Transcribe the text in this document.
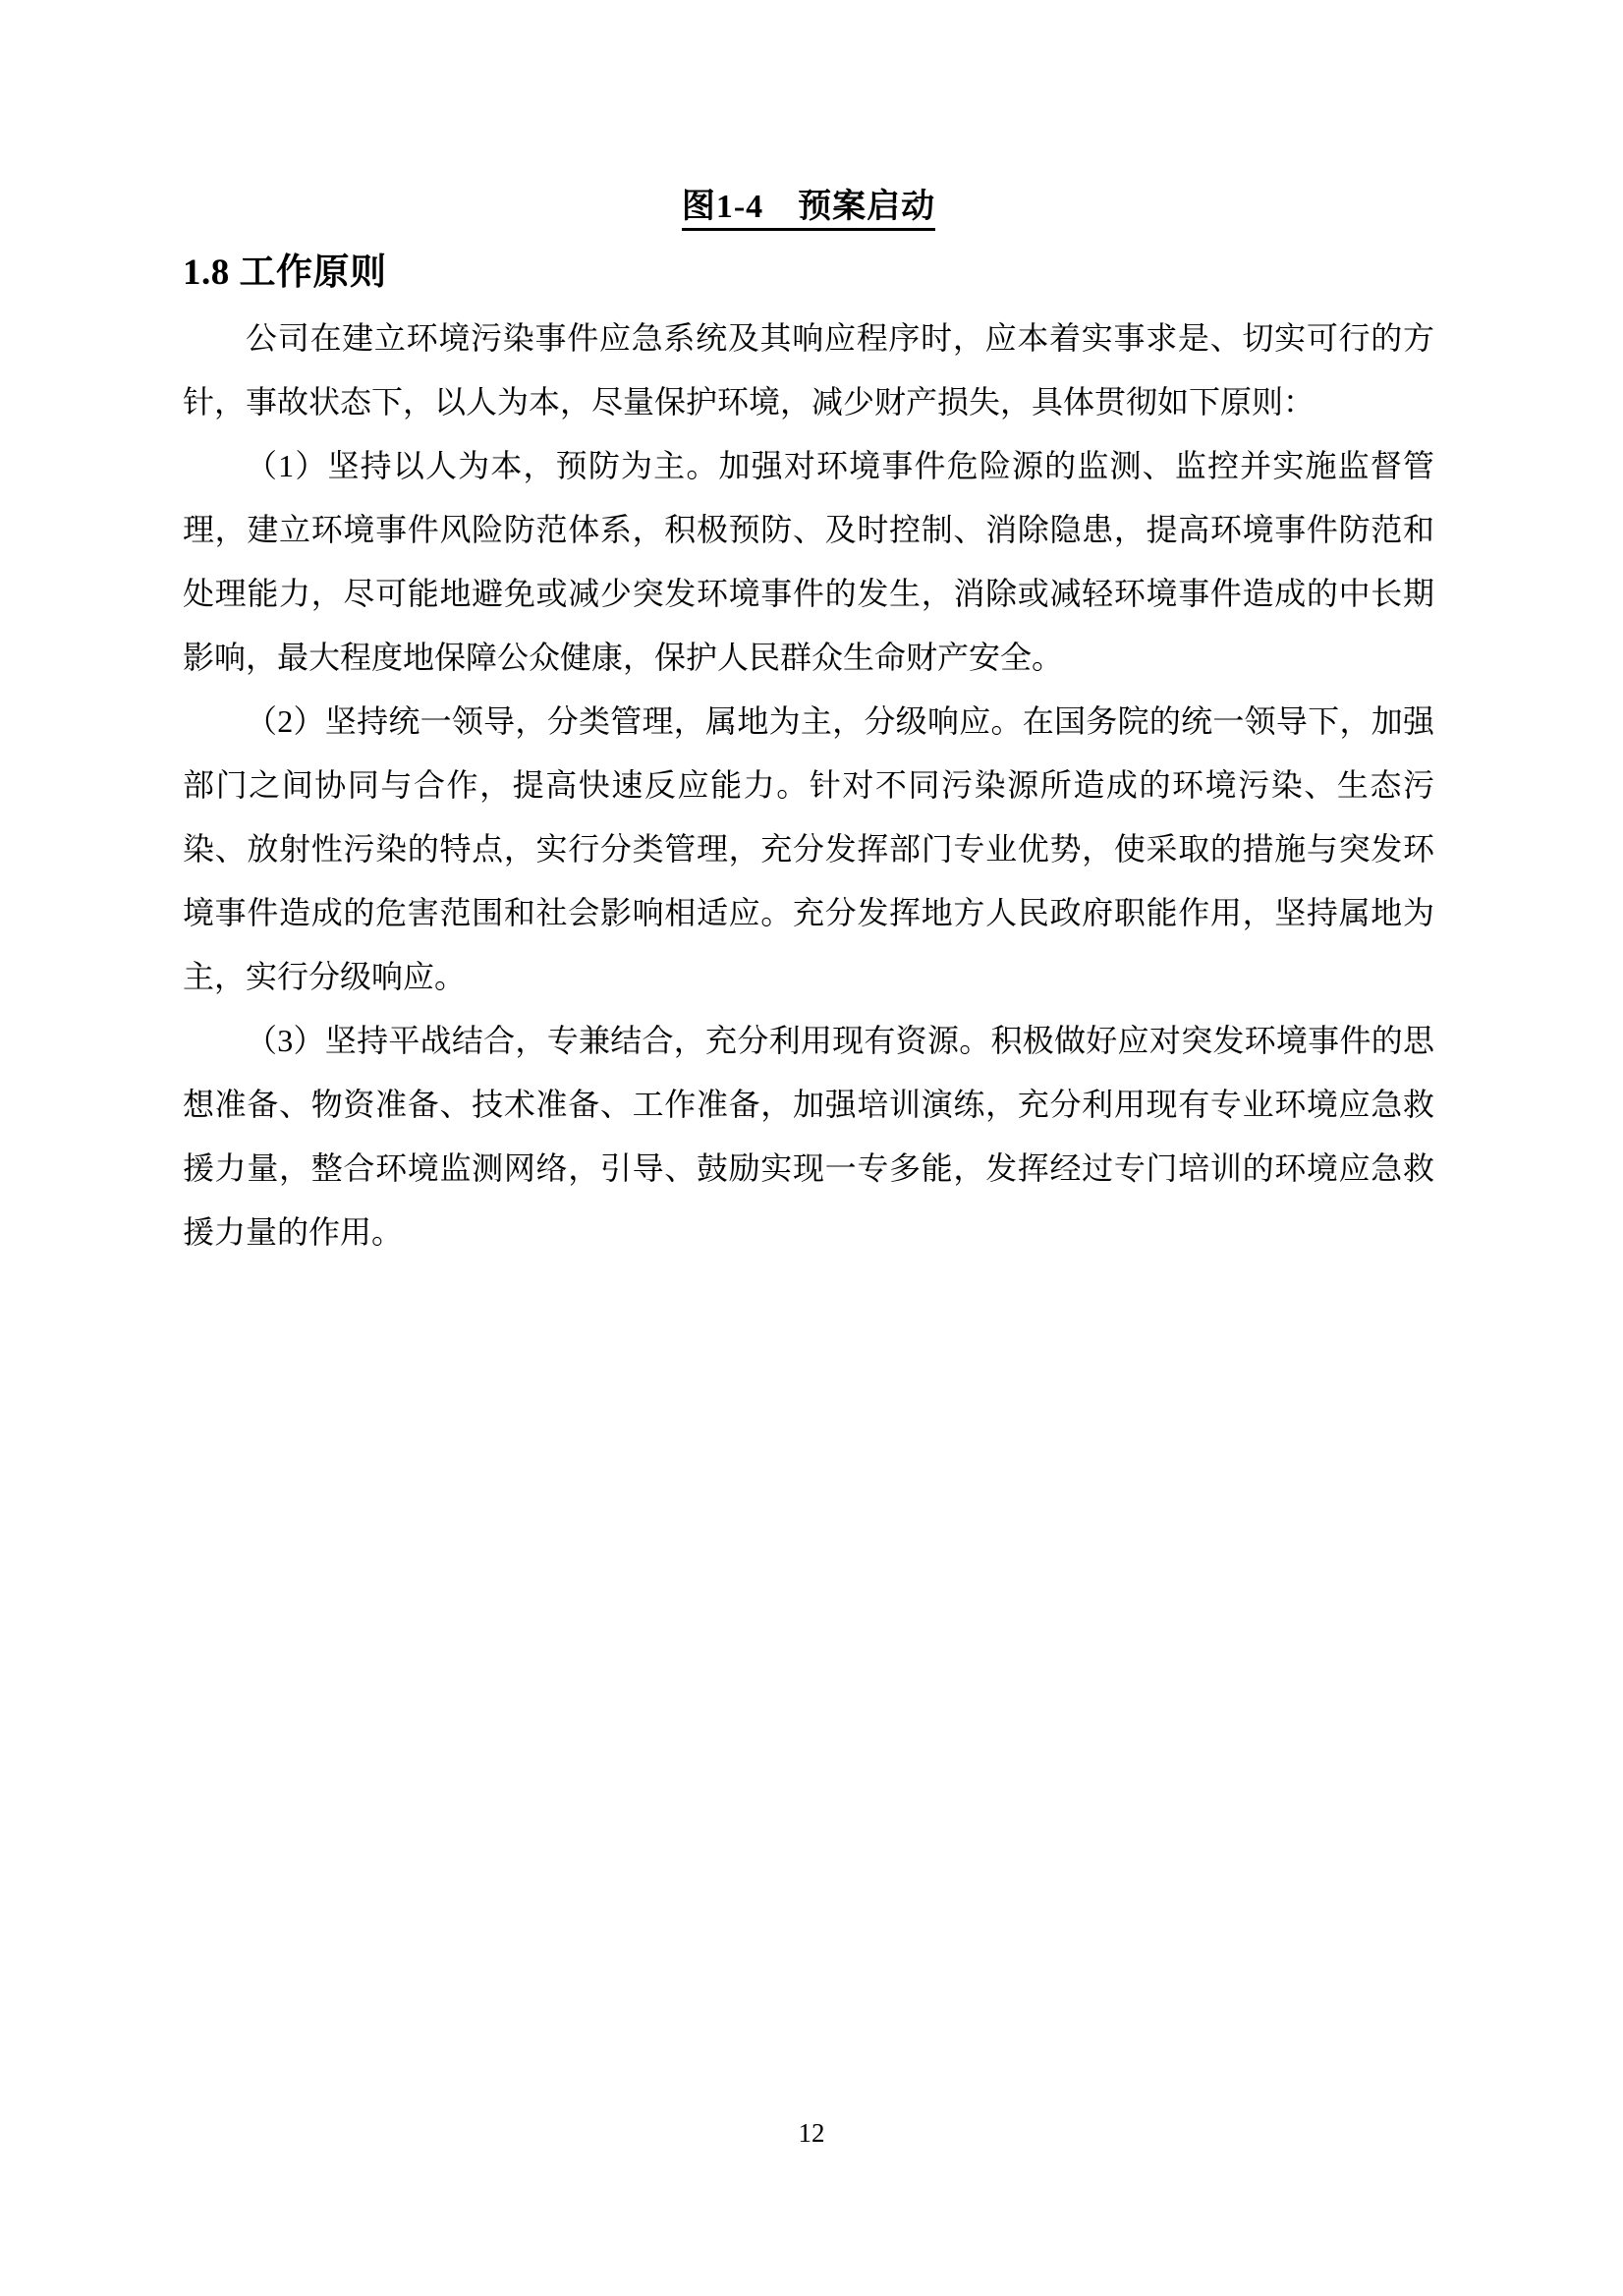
图1-4　预案启动
1.8 工作原则

公司在建立环境污染事件应急系统及其响应程序时，应本着实事求是、切实可行的方针，事故状态下，以人为本，尽量保护环境，减少财产损失，具体贯彻如下原则：

（1）坚持以人为本，预防为主。加强对环境事件危险源的监测、监控并实施监督管理，建立环境事件风险防范体系，积极预防、及时控制、消除隐患，提高环境事件防范和处理能力，尽可能地避免或减少突发环境事件的发生，消除或减轻环境事件造成的中长期影响，最大程度地保障公众健康，保护人民群众生命财产安全。

（2）坚持统一领导，分类管理，属地为主，分级响应。在国务院的统一领导下，加强部门之间协同与合作，提高快速反应能力。针对不同污染源所造成的环境污染、生态污染、放射性污染的特点，实行分类管理，充分发挥部门专业优势，使采取的措施与突发环境事件造成的危害范围和社会影响相适应。充分发挥地方人民政府职能作用，坚持属地为主，实行分级响应。

（3）坚持平战结合，专兼结合，充分利用现有资源。积极做好应对突发环境事件的思想准备、物资准备、技术准备、工作准备，加强培训演练，充分利用现有专业环境应急救援力量，整合环境监测网络，引导、鼓励实现一专多能，发挥经过专门培训的环境应急救援力量的作用。

12
